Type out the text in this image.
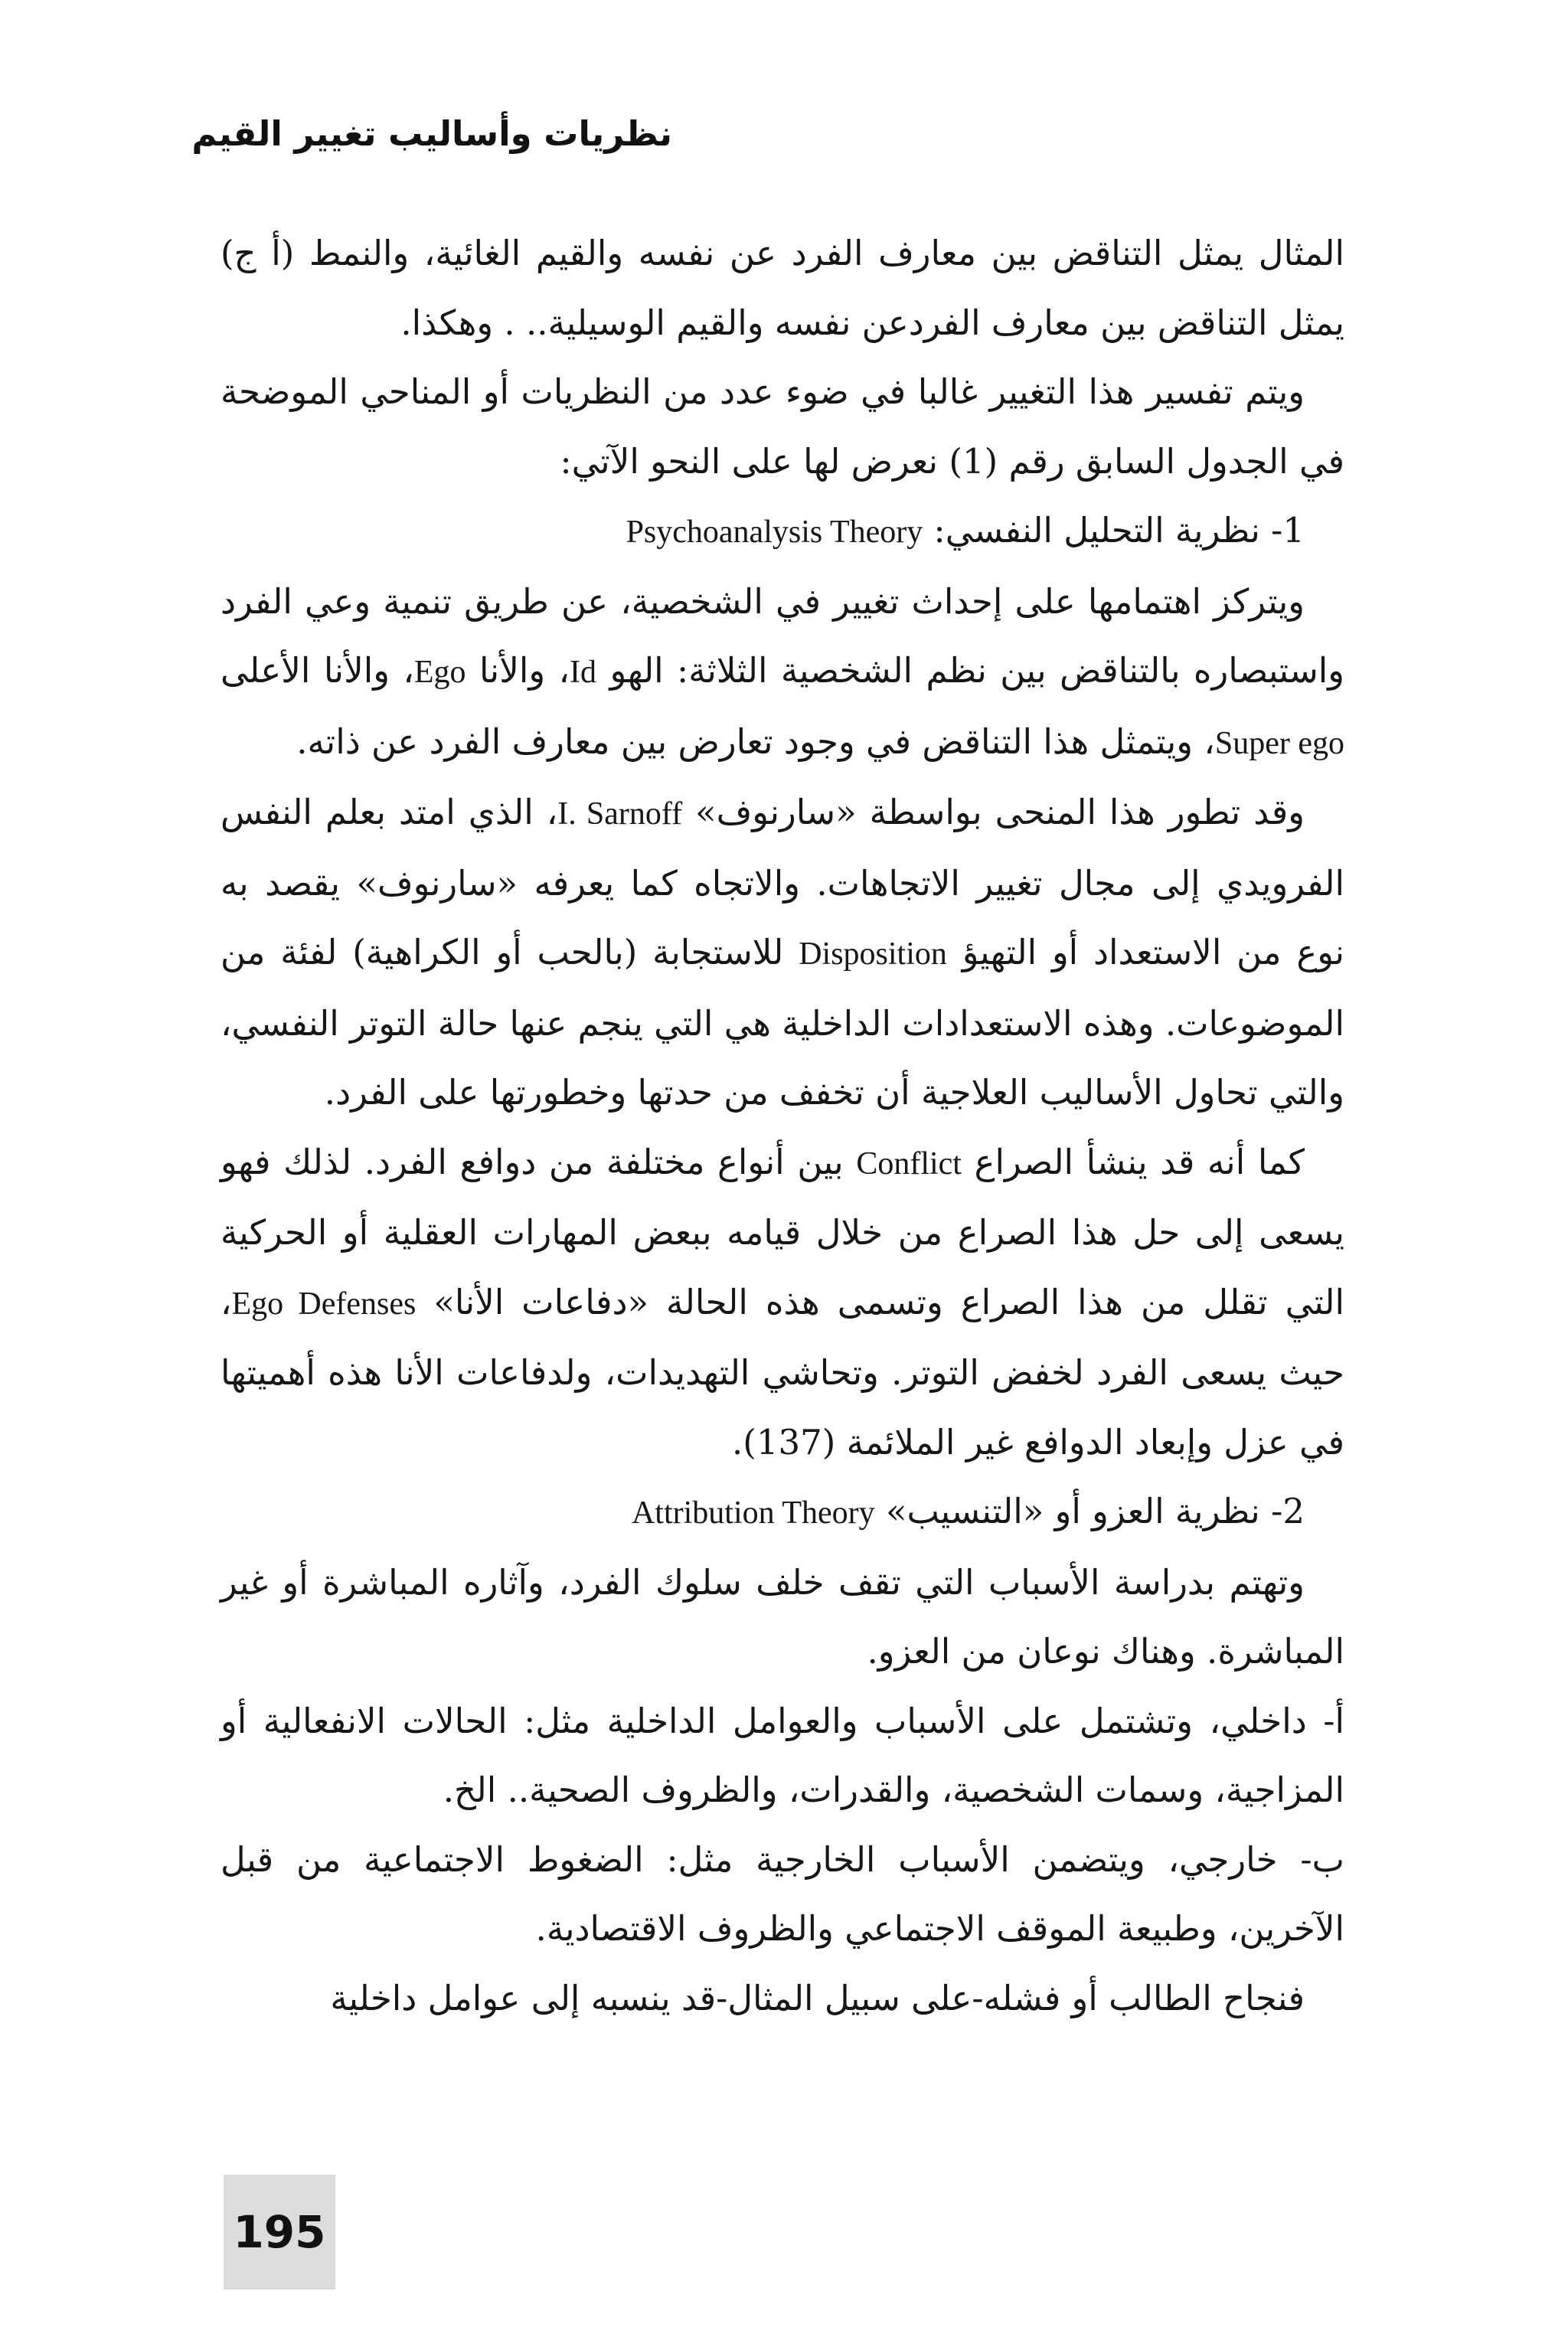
نظريات وأساليب تغيير القيم

المثال يمثل التناقض بين معارف الفرد عن نفسه والقيم الغائية، والنمط (أ ج) يمثل التناقض بين معارف الفردعن نفسه والقيم الوسيلية.. . وهكذا.

ويتم تفسير هذا التغيير غالبا في ضوء عدد من النظريات أو المناحي الموضحة في الجدول السابق رقم (1) نعرض لها على النحو الآتي:

1- نظرية التحليل النفسي: Psychoanalysis Theory

ويتركز اهتمامها على إحداث تغيير في الشخصية، عن طريق تنمية وعي الفرد واستبصاره بالتناقض بين نظم الشخصية الثلاثة: الهو Id، والأنا Ego، والأنا الأعلى Super ego، ويتمثل هذا التناقض في وجود تعارض بين معارف الفرد عن ذاته.

وقد تطور هذا المنحى بواسطة «سارنوف» I. Sarnoff، الذي امتد بعلم النفس الفرويدي إلى مجال تغيير الاتجاهات. والاتجاه كما يعرفه «سارنوف» يقصد به نوع من الاستعداد أو التهيؤ Disposition للاستجابة (بالحب أو الكراهية) لفئة من الموضوعات. وهذه الاستعدادات الداخلية هي التي ينجم عنها حالة التوتر النفسي، والتي تحاول الأساليب العلاجية أن تخفف من حدتها وخطورتها على الفرد.

كما أنه قد ينشأ الصراع Conflict بين أنواع مختلفة من دوافع الفرد. لذلك فهو يسعى إلى حل هذا الصراع من خلال قيامه ببعض المهارات العقلية أو الحركية التي تقلل من هذا الصراع وتسمى هذه الحالة «دفاعات الأنا» Ego Defenses، حيث يسعى الفرد لخفض التوتر. وتحاشي التهديدات، ولدفاعات الأنا هذه أهميتها في عزل وإبعاد الدوافع غير الملائمة (137).

2- نظرية العزو أو «التنسيب» Attribution Theory

وتهتم بدراسة الأسباب التي تقف خلف سلوك الفرد، وآثاره المباشرة أو غير المباشرة. وهناك نوعان من العزو.

أ- داخلي، وتشتمل على الأسباب والعوامل الداخلية مثل: الحالات الانفعالية أو المزاجية، وسمات الشخصية، والقدرات، والظروف الصحية.. الخ.

ب- خارجي، ويتضمن الأسباب الخارجية مثل: الضغوط الاجتماعية من قبل الآخرين، وطبيعة الموقف الاجتماعي والظروف الاقتصادية.

فنجاح الطالب أو فشله-على سبيل المثال-قد ينسبه إلى عوامل داخلية

195
